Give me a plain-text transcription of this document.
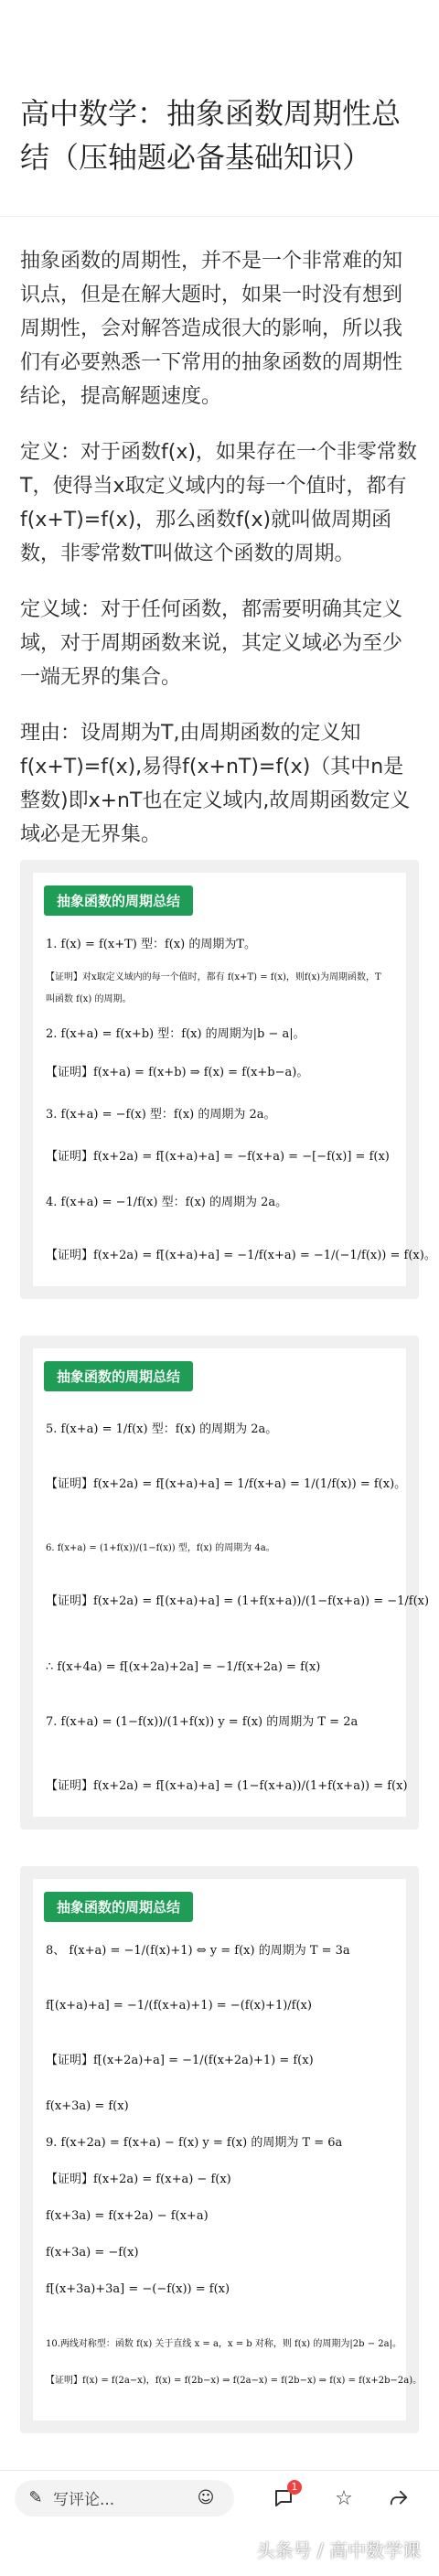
高中数学：抽象函数周期性总结（压轴题必备基础知识）

抽象函数的周期性，并不是一个非常难的知识点，但是在解大题时，如果一时没有想到周期性，会对解答造成很大的影响，所以我们有必要熟悉一下常用的抽象函数的周期性结论，提高解题速度。

定义：对于函数f(x)，如果存在一个非零常数T，使得当x取定义域内的每一个值时，都有f(x+T)=f(x)，那么函数f(x)就叫做周期函数，非零常数T叫做这个函数的周期。

定义域：对于任何函数，都需要明确其定义域，对于周期函数来说，其定义域必为至少一端无界的集合。

理由：设周期为T,由周期函数的定义知f(x+T)=f(x),易得f(x+nT)=f(x)（其中n是整数)即x+nT也在定义域内,故周期函数定义域必是无界集。

抽象函数的周期总结
1. f(x) = f(x+T) 型：f(x) 的周期为T。
【证明】对x取定义域内的每一个值时，都有 f(x+T) = f(x)，则f(x)为周期函数，T
叫函数 f(x) 的周期。
2. f(x+a) = f(x+b) 型：f(x) 的周期为|b − a|。
【证明】f(x+a) = f(x+b) ⇒ f(x) = f(x+b−a)。
3. f(x+a) = −f(x) 型：f(x) 的周期为 2a。
【证明】f(x+2a) = f[(x+a)+a] = −f(x+a) = −[−f(x)] = f(x)
4. f(x+a) = −1/f(x) 型：f(x) 的周期为 2a。
【证明】f(x+2a) = f[(x+a)+a] = −1/f(x+a) = −1/(−1/f(x)) = f(x)。
抽象函数的周期总结
5. f(x+a) = 1/f(x) 型：f(x) 的周期为 2a。
【证明】f(x+2a) = f[(x+a)+a] = 1/f(x+a) = 1/(1/f(x)) = f(x)。
6. f(x+a) = (1+f(x))/(1−f(x)) 型，f(x) 的周期为 4a。
【证明】f(x+2a) = f[(x+a)+a] = (1+f(x+a))/(1−f(x+a)) = −1/f(x)
∴ f(x+4a) = f[(x+2a)+2a] = −1/f(x+2a) = f(x)
7. f(x+a) = (1−f(x))/(1+f(x)) y = f(x) 的周期为 T = 2a
【证明】f(x+2a) = f[(x+a)+a] = (1−f(x+a))/(1+f(x+a)) = f(x)
抽象函数的周期总结
8、 f(x+a) = −1/(f(x)+1) ⇔ y = f(x) 的周期为 T = 3a
f[(x+a)+a] = −1/(f(x+a)+1) = −(f(x)+1)/f(x)
【证明】f[(x+2a)+a] = −1/(f(x+2a)+1) = f(x)
f(x+3a) = f(x)
9. f(x+2a) = f(x+a) − f(x) y = f(x) 的周期为 T = 6a
【证明】f(x+2a) = f(x+a) − f(x)
f(x+3a) = f(x+2a) − f(x+a)
f(x+3a) = −f(x)
f[(x+3a)+3a] = −(−f(x)) = f(x)
10.两线对称型：函数 f(x) 关于直线 x = a，x = b 对称，则 f(x) 的周期为|2b − 2a|。
【证明】f(x) = f(2a−x)，f(x) = f(2b−x) ⇒ f(2a−x) = f(2b−x) ⇒ f(x) = f(x+2b−2a)。
✎ 写评论...	☺
1 ☆
头条号 / 高中数学课
